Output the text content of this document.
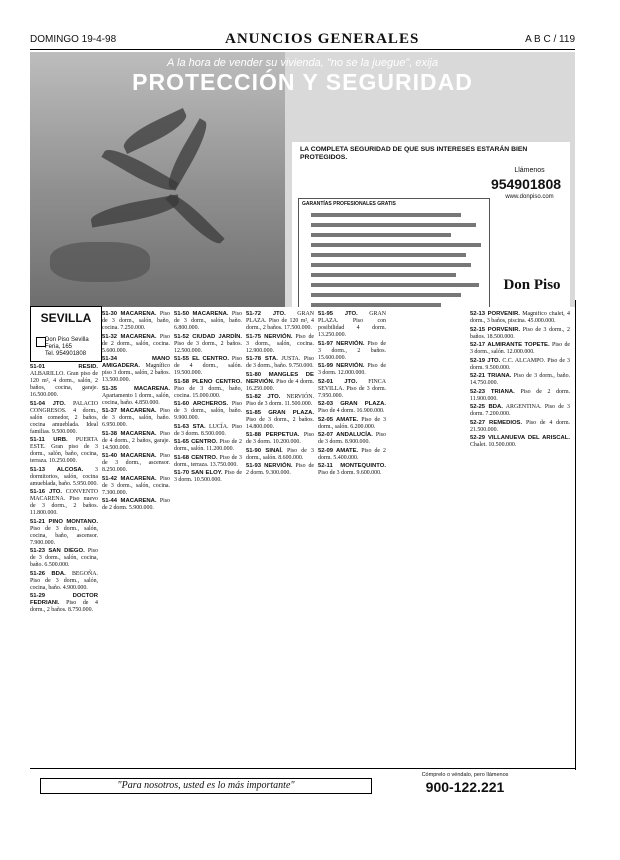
DOMINGO 19-4-98	ANUNCIOS GENERALES	A B C / 119
A la hora de vender su vivienda, "no se la juegue", exija
PROTECCIÓN Y SEGURIDAD
LA COMPLETA SEGURIDAD DE QUE SUS INTERESES ESTARÁN BIEN PROTEGIDOS.
GARANTÍAS PROFESIONALES GRATIS
Llámenos
954901808
www.donpiso.com
Don Piso
SEVILLA
Don Piso Sevilla
Feria, 165
Tel. 954901808

51-01 RESID. ALBARILLO. Gran piso de 120 m², 4 dorm., salón, 2 baños, cocina, garaje. 16.500.000.

51-04 JTO. PALACIO CONGRESOS. 4 dorm., salón comedor, 2 baños, cocina amueblada. Ideal familias. 9.500.000.

51-11 URB. PUERTA ESTE. Gran piso de 3 dorm., salón, baño, cocina, terraza. 10.250.000.

51-13 ALCOSA. 3 dormitorios, salón, cocina amueblada, baño. 5.950.000.

51-16 JTO. CONVENTO MACARENA. Piso nuevo de 3 dorm., 2 baños. 11.800.000.

51-21 PINO MONTANO. Piso de 3 dorm., salón, cocina, baño, ascensor. 7.900.000.

51-23 SAN DIEGO. Piso de 3 dorm., salón, cocina, baño. 6.500.000.

51-26 BDA. BEGOÑA. Piso de 3 dorm., salón, cocina, baño. 4.900.000.

51-29 DOCTOR FEDRIANI. Piso de 4 dorm., 2 baños. 8.750.000.

51-30 MACARENA. Piso de 3 dorm., salón, baño, cocina. 7.250.000.

51-32 MACARENA. Piso de 2 dorm., salón, cocina. 5.600.000.

51-34 MANO AMIGADERA. Magnífico piso 3 dorm., salón, 2 baños. 13.500.000.

51-35 MACARENA. Apartamento 1 dorm., salón, cocina, baño. 4.850.000.

51-37 MACARENA. Piso de 3 dorm., salón, baño. 6.950.000.

51-38 MACARENA. Piso de 4 dorm., 2 baños, garaje. 14.500.000.

51-40 MACARENA. Piso de 3 dorm., ascensor. 8.250.000.

51-42 MACARENA. Piso de 3 dorm., salón, cocina. 7.300.000.

51-44 MACARENA. Piso de 2 dorm. 5.900.000.

51-50 MACARENA. Piso de 3 dorm., salón, baño. 6.800.000.

51-52 CIUDAD JARDÍN. Piso de 3 dorm., 2 baños. 12.500.000.

51-55 EL CENTRO. Piso de 4 dorm., salón. 19.500.000.

51-58 PLENO CENTRO. Piso de 3 dorm., baño, cocina. 15.000.000.

51-60 ARCHEROS. Piso de 3 dorm., salón, baño. 9.900.000.

51-63 STA. LUCÍA. Piso de 3 dorm. 8.500.000.

51-65 CENTRO. Piso de 2 dorm., salón. 11.200.000.

51-68 CENTRO. Piso de 3 dorm., terraza. 13.750.000.

51-70 SAN ELOY. Piso de 3 dorm. 10.500.000.

51-72 JTO. GRAN PLAZA. Piso de 120 m², 4 dorm., 2 baños. 17.500.000.

51-75 NERVIÓN. Piso de 3 dorm., salón, cocina. 12.900.000.

51-78 STA. JUSTA. Piso de 3 dorm., baño. 9.750.000.

51-80 MANGLES DE NERVIÓN. Piso de 4 dorm. 16.250.000.

51-82 JTO. NERVIÓN. Piso de 3 dorm. 11.500.000.

51-85 GRAN PLAZA. Piso de 3 dorm., 2 baños. 14.800.000.

51-88 PERPETUA. Piso de 3 dorm. 10.200.000.

51-90 SINAÍ. Piso de 3 dorm., salón. 8.600.000.

51-93 NERVIÓN. Piso de 2 dorm. 9.300.000.

51-95 JTO. GRAN PLAZA. Piso con posibilidad 4 dorm. 13.250.000.

51-97 NERVIÓN. Piso de 3 dorm., 2 baños. 15.600.000.

51-99 NERVIÓN. Piso de 3 dorm. 12.000.000.

52-01 JTO. FINCA SEVILLA. Piso de 3 dorm. 7.950.000.

52-03 GRAN PLAZA. Piso de 4 dorm. 16.900.000.

52-05 AMATE. Piso de 3 dorm., salón. 6.200.000.

52-07 ANDALUCÍA. Piso de 3 dorm. 8.900.000.

52-09 AMATE. Piso de 2 dorm. 5.400.000.

52-11 MONTEQUINTO. Piso de 3 dorm. 9.600.000.

52-13 PORVENIR. Magnífico chalet, 4 dorm., 3 baños, piscina. 45.000.000.

52-15 PORVENIR. Piso de 3 dorm., 2 baños. 18.500.000.

52-17 ALMIRANTE TOPETE. Piso de 3 dorm., salón. 12.000.000.

52-19 JTO. C.C. ALCAMPO. Piso de 3 dorm. 9.500.000.

52-21 TRIANA. Piso de 3 dorm., baño. 14.750.000.

52-23 TRIANA. Piso de 2 dorm. 11.900.000.

52-25 BDA. ARGENTINA. Piso de 3 dorm. 7.200.000.

52-27 REMEDIOS. Piso de 4 dorm. 21.500.000.

52-29 VILLANUEVA DEL ARISCAL. Chalet. 10.500.000.

"Para nosotros, usted es lo más importante"
Cómprelo o véndalo, pero llámenos
900-122.221
